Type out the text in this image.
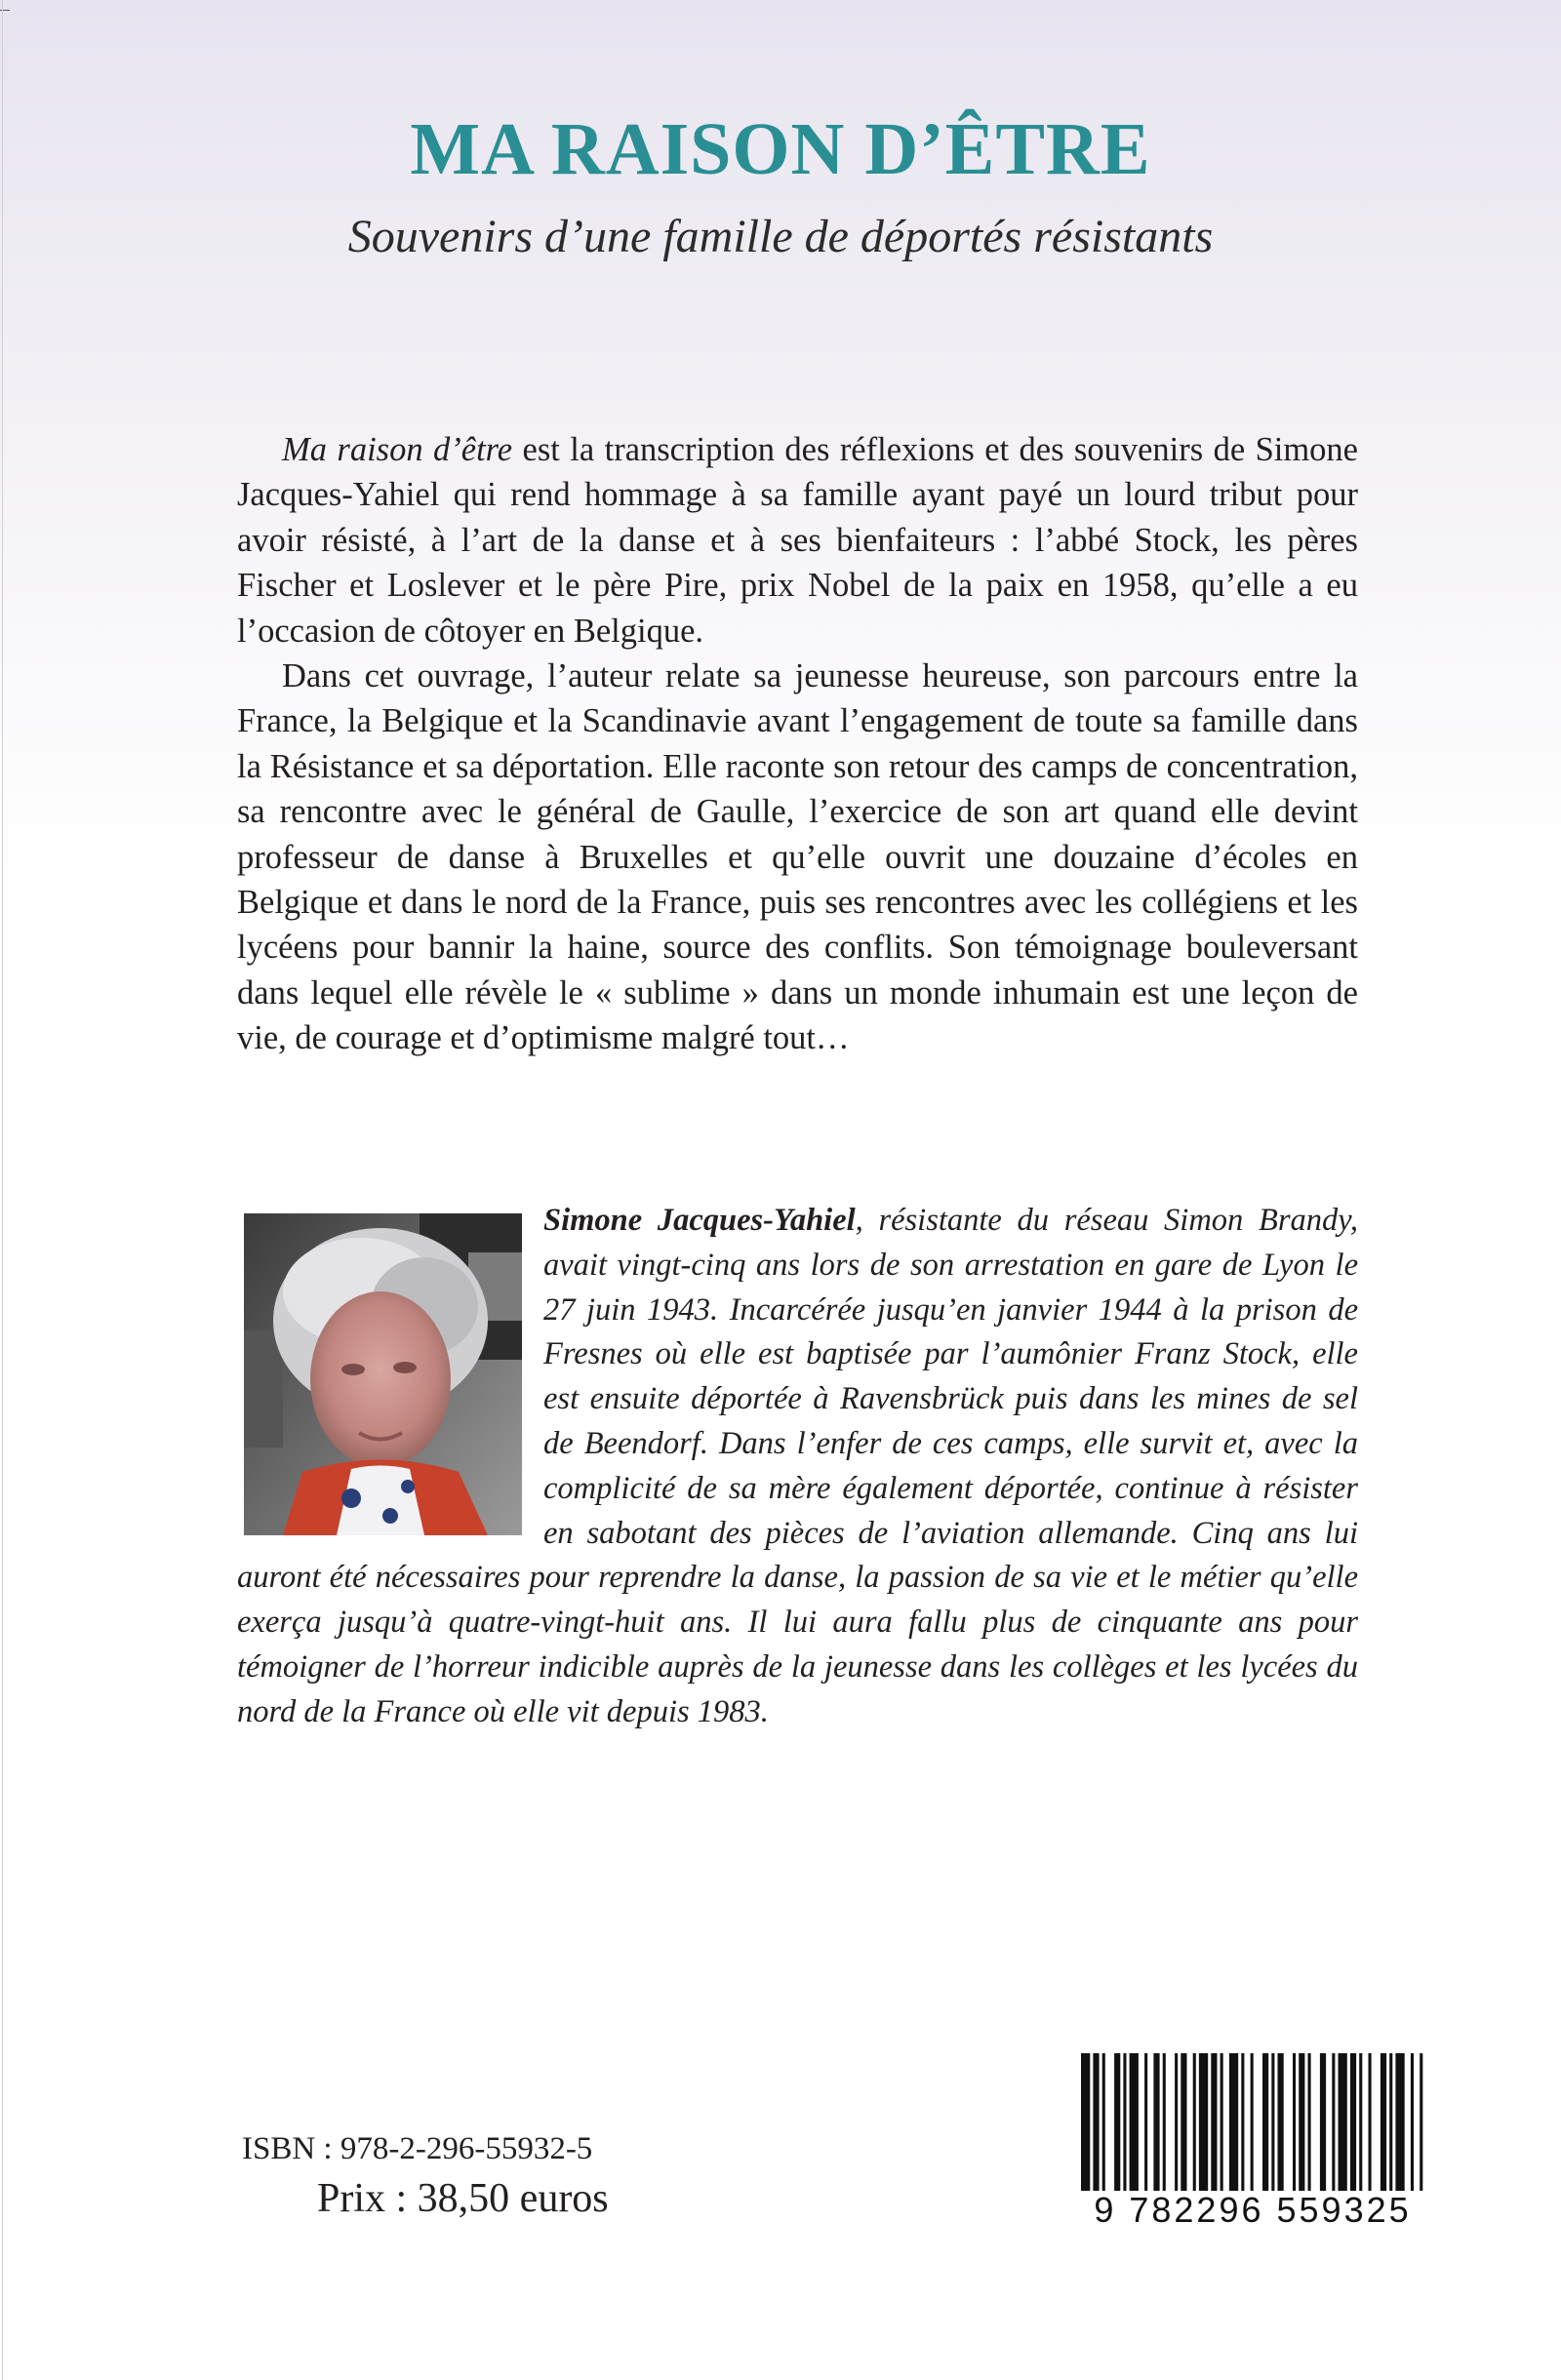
MA RAISON D’ÊTRE
Souvenirs d’une famille de déportés résistants

Ma raison d’être est la transcription des réflexions et des souvenirs de Simone Jacques-Yahiel qui rend hommage à sa famille ayant payé un lourd tribut pour avoir résisté, à l’art de la danse et à ses bienfaiteurs : l’abbé Stock, les pères Fischer et Loslever et le père Pire, prix Nobel de la paix en 1958, qu’elle a eu l’occasion de côtoyer en Belgique.

Dans cet ouvrage, l’auteur relate sa jeunesse heureuse, son parcours entre la France, la Belgique et la Scandinavie avant l’engagement de toute sa famille dans la Résistance et sa déportation. Elle raconte son retour des camps de concentration, sa rencontre avec le général de Gaulle, l’exercice de son art quand elle devint professeur de danse à Bruxelles et qu’elle ouvrit une douzaine d’écoles en Belgique et dans le nord de la France, puis ses rencontres avec les collégiens et les lycéens pour bannir la haine, source des conflits. Son témoignage bouleversant dans lequel elle révèle le « sublime » dans un monde inhumain est une leçon de vie, de courage et d’optimisme malgré tout…

Simone Jacques-Yahiel, résistante du réseau Simon Brandy, avait vingt-cinq ans lors de son arrestation en gare de Lyon le 27 juin 1943. Incarcérée jusqu’en janvier 1944 à la prison de Fresnes où elle est baptisée par l’aumônier Franz Stock, elle est ensuite déportée à Ravensbrück puis dans les mines de sel de Beendorf. Dans l’enfer de ces camps, elle survit et, avec la complicité de sa mère également déportée, continue à résister en sabotant des pièces de l’aviation allemande. Cinq ans lui auront été nécessaires pour reprendre la danse, la passion de sa vie et le métier qu’elle exerça jusqu’à quatre-vingt-huit ans. Il lui aura fallu plus de cinquante ans pour témoigner de l’horreur indicible auprès de la jeunesse dans les collèges et les lycées du nord de la France où elle vit depuis 1983.
ISBN : 978-2-296-55932-5
Prix : 38,50 euros	9 782296 559325
